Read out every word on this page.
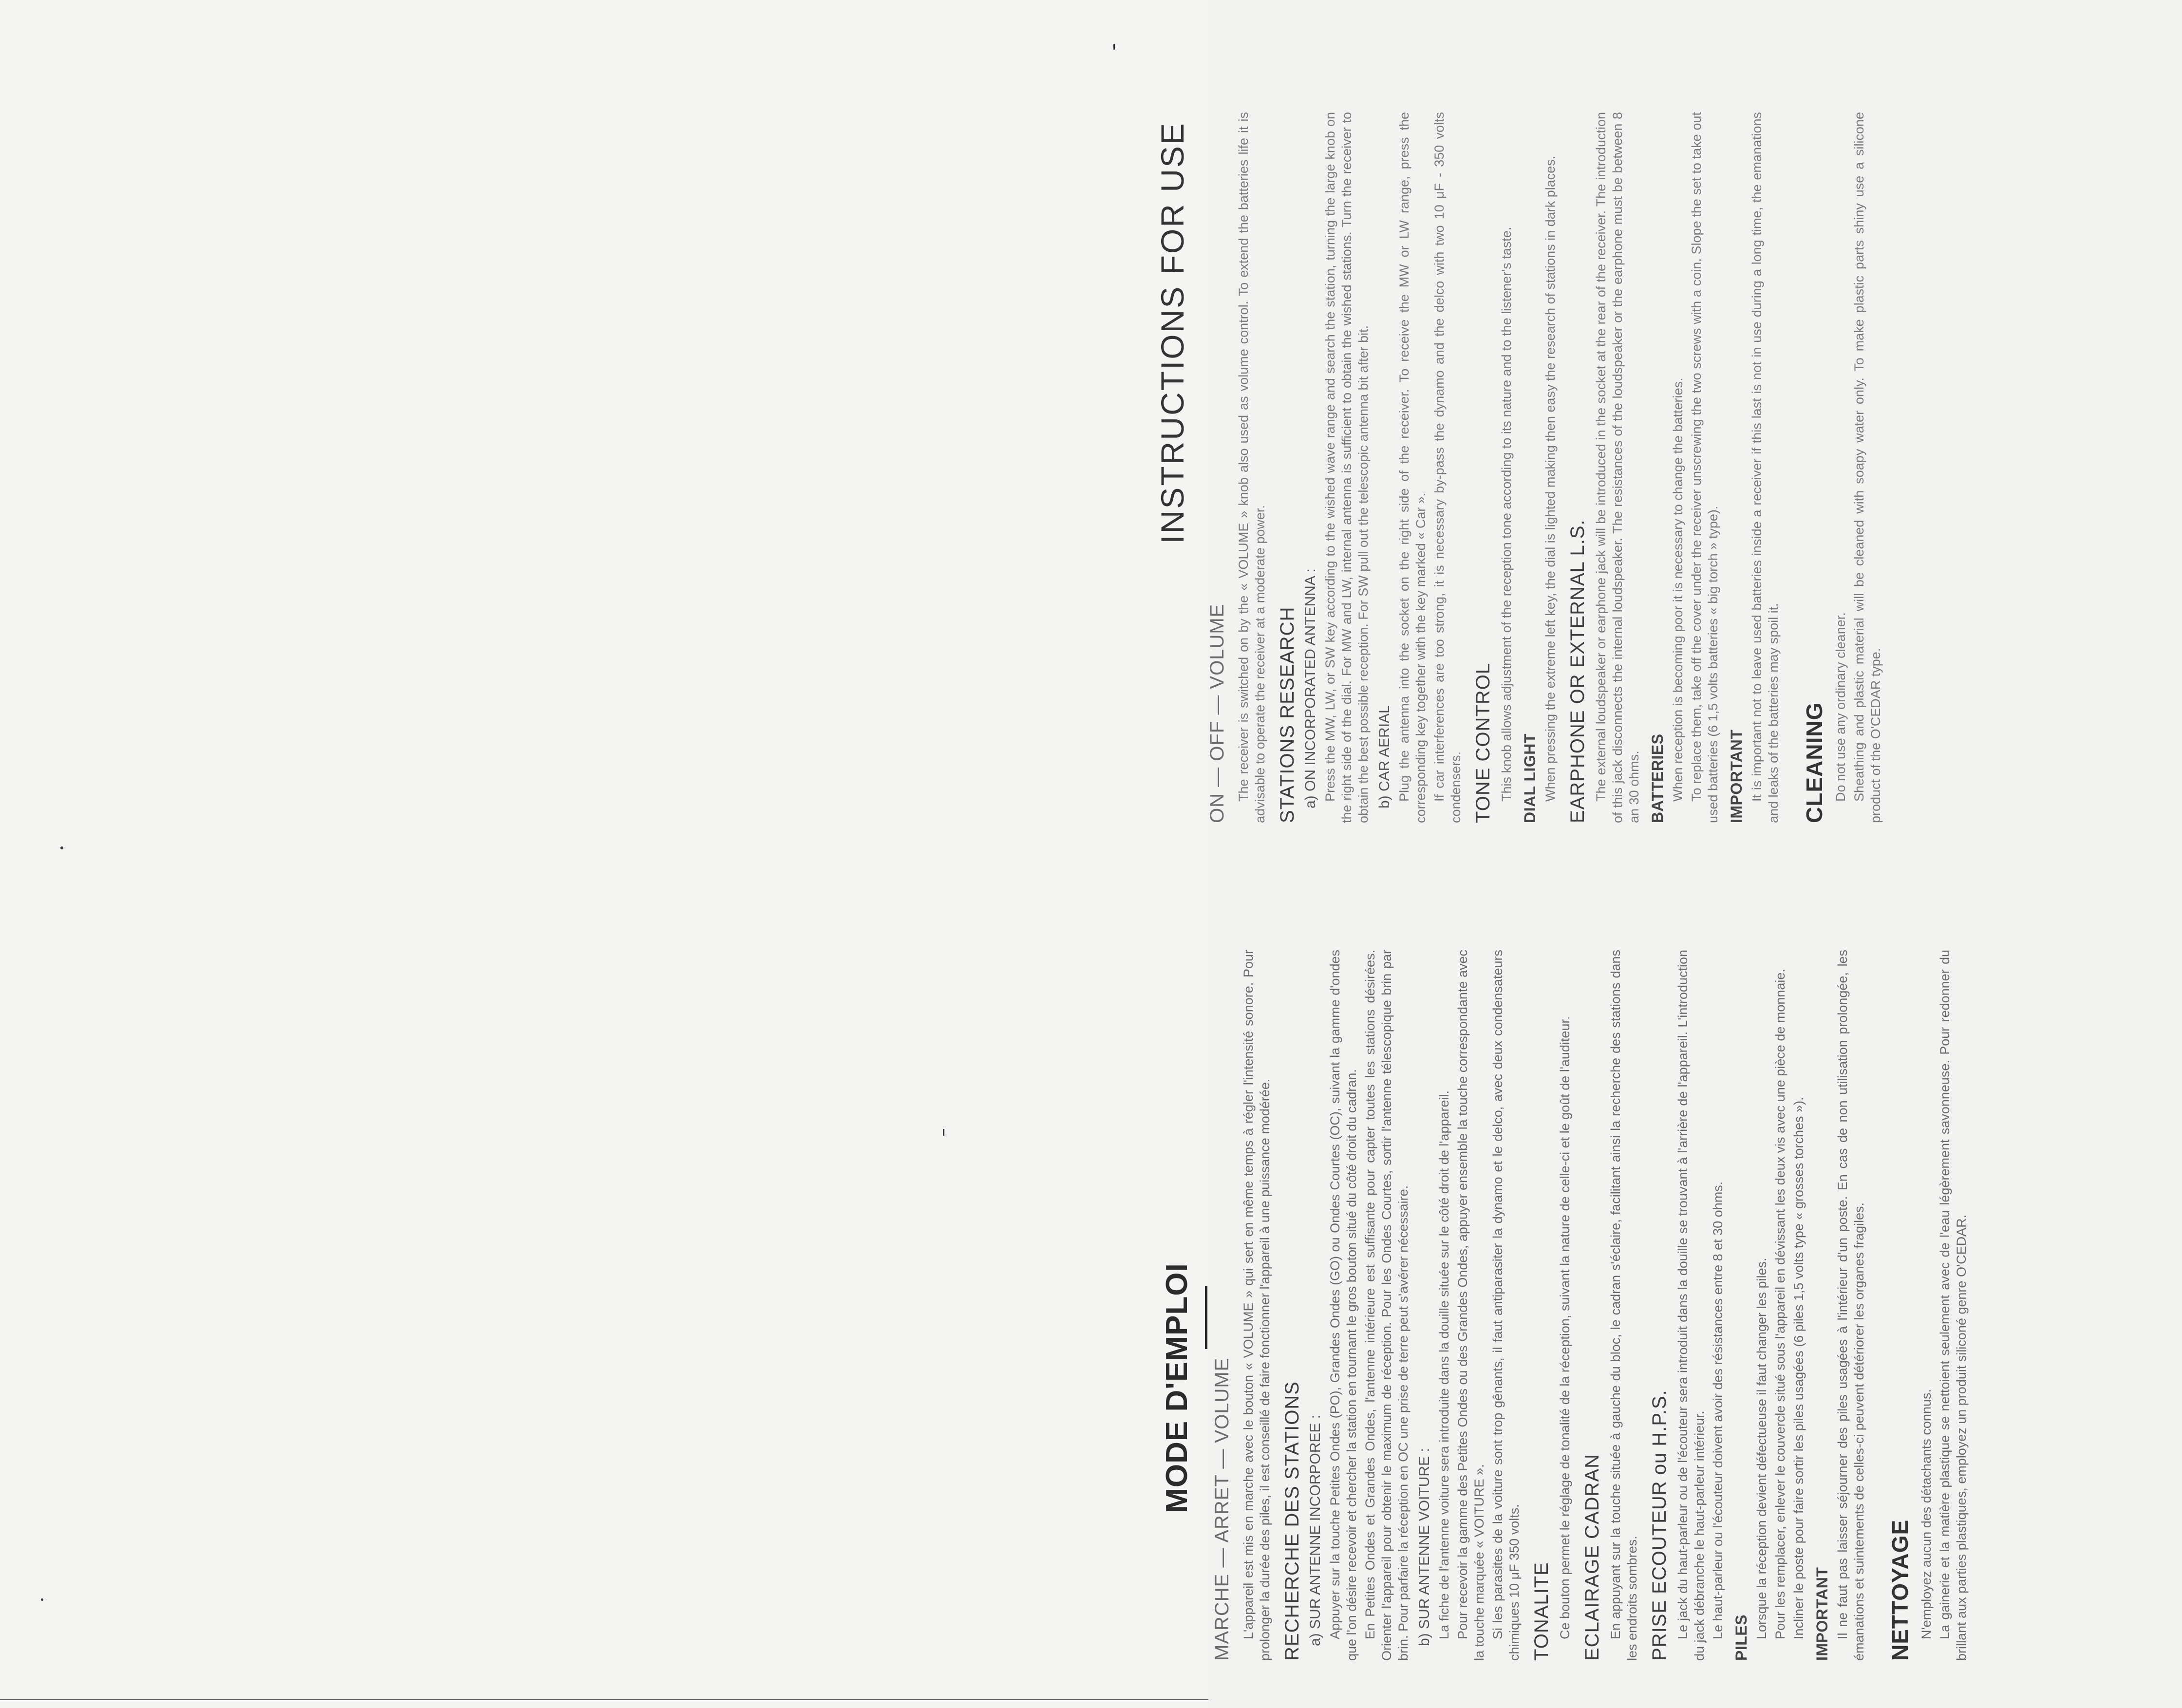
MODE D'EMPLOI MARCHE — ARRET — VOLUME L'appareil est mis en marche avec le bouton « VOLUME » qui sert en même temps à régler l'intensité sonore. Pour prolonger la durée des piles, il est conseillé de faire fonctionner l'appareil à une puissance modérée. RECHERCHE DES STATIONS a) SUR ANTENNE INCORPOREE : Appuyer sur la touche Petites Ondes (PO), Grandes Ondes (GO) ou Ondes Courtes (OC), suivant la gamme d'ondes que l'on désire recevoir et chercher la station en tournant le gros bouton situé du côté droit du cadran. En Petites Ondes et Grandes Ondes, l'antenne intérieure est suffisante pour capter toutes les stations désirées. Orienter l'appareil pour obtenir le maximum de réception. Pour les Ondes Courtes, sortir l'antenne télescopique brin par brin. Pour parfaire la réception en OC une prise de terre peut s'avérer nécessaire. b) SUR ANTENNE VOITURE : La fiche de l'antenne voiture sera introduite dans la douille située sur le côté droit de l'appareil. Pour recevoir la gamme des Petites Ondes ou des Grandes Ondes, appuyer ensemble la touche correspondante avec la touche marquée « VOITURE ». Si les parasites de la voiture sont trop gênants, il faut antiparasiter la dynamo et le delco, avec deux condensateurs chimiques 10 μF 350 volts. TONALITE Ce bouton permet le réglage de tonalité de la réception, suivant la nature de celle-ci et le goût de l'auditeur. ECLAIRAGE CADRAN En appuyant sur la touche située à gauche du bloc, le cadran s'éclaire, facilitant ainsi la recherche des stations dans les endroits sombres. PRISE ECOUTEUR ou H.P.S. Le jack du haut-parleur ou de l'écouteur sera introduit dans la douille se trouvant à l'arrière de l'appareil. L'introduction du jack débranche le haut-parleur intérieur. Le haut-parleur ou l'écouteur doivent avoir des résistances entre 8 et 30 ohms. PILES Lorsque la réception devient défectueuse il faut changer les piles. Pour les remplacer, enlever le couvercle situé sous l'appareil en dévissant les deux vis avec une pièce de monnaie. Incliner le poste pour faire sortir les piles usagées (6 piles 1,5 volts type « grosses torches »). IMPORTANT Il ne faut pas laisser séjourner des piles usagées à l'intérieur d'un poste. En cas de non utilisation prolongée, les émanations et suintements de celles-ci peuvent détériorer les organes fragiles. NETTOYAGE N'employez aucun des détachants connus. La gainerie et la matière plastique se nettoient seulement avec de l'eau légèrement savonneuse. Pour redonner du brillant aux parties plastiques, employez un produit siliconé genre O'CEDAR.

INSTRUCTIONS FOR USE
ON — OFF — VOLUME The receiver is switched on by the « VOLUME » knob also used as volume control. To extend the batteries life it is advisable to operate the receiver at a moderate power. STATIONS RESEARCH a) ON INCORPORATED ANTENNA : Press the MW, LW, or SW key according to the wished wave range and search the station, turning the large knob on the right side of the dial. For MW and LW, internal antenna is sufficient to obtain the wished stations. Turn the receiver to obtain the best possible reception. For SW pull out the telescopic antenna bit after bit. b) CAR AERIAL Plug the antenna into the socket on the right side of the receiver. To receive the MW or LW range, press the corresponding key together with the key marked « Car ». If car interferences are too strong, it is necessary by-pass the dynamo and the delco with two 10 μF - 350 volts condensers. TONE CONTROL This knob allows adjustment of the reception tone according to its nature and to the listener's taste. DIAL LIGHT When pressing the extreme left key, the dial is lighted making then easy the research of stations in dark places. EARPHONE OR EXTERNAL L.S. The external loudspeaker or earphone jack will be introduced in the socket at the rear of the receiver. The introduction of this jack disconnects the internal loudspeaker. The resistances of the loudspeaker or the earphone must be between 8 an 30 ohms. BATTERIES When reception is becoming poor it is necessary to change the batteries. To replace them, take off the cover under the receiver unscrewing the two screws with a coin. Slope the set to take out used batteries (6 1,5 volts batteries « big torch » type). IMPORTANT It is important not to leave used batteries inside a receiver if this last is not in use during a long time, the emanations and leaks of the batteries may spoil it. CLEANING Do not use any ordinary cleaner. Sheathing and plastic material will be cleaned with soapy water only. To make plastic parts shiny use a silicone product of the O'CEDAR type.
